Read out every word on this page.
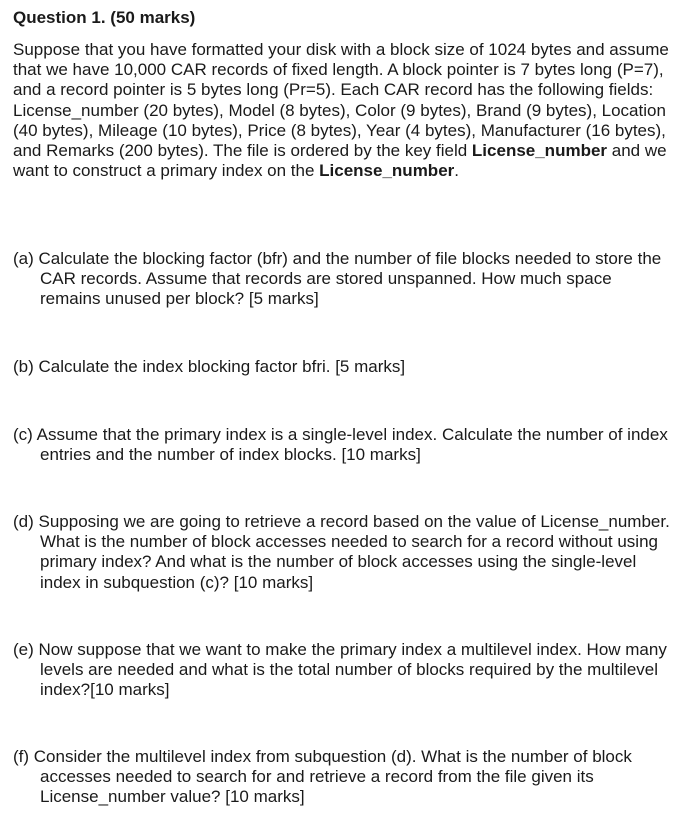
Question 1. (50 marks)

Suppose that you have formatted your disk with a block size of 1024 bytes and assume that we have 10,000 CAR records of fixed length. A block pointer is 7 bytes long (P=7), and a record pointer is 5 bytes long (Pr=5). Each CAR record has the following fields: License_number (20 bytes), Model (8 bytes), Color (9 bytes), Brand (9 bytes), Location (40 bytes), Mileage (10 bytes), Price (8 bytes), Year (4 bytes), Manufacturer (16 bytes), and Remarks (200 bytes). The file is ordered by the key field License_number and we want to construct a primary index on the License_number.

(a) Calculate the blocking factor (bfr) and the number of file blocks needed to store the CAR records. Assume that records are stored unspanned. How much space remains unused per block? [5 marks]
(b) Calculate the index blocking factor bfri. [5 marks]
(c) Assume that the primary index is a single-level index. Calculate the number of index entries and the number of index blocks. [10 marks]
(d) Supposing we are going to retrieve a record based on the value of License_number. What is the number of block accesses needed to search for a record without using primary index? And what is the number of block accesses using the single-level index in subquestion (c)? [10 marks]
(e) Now suppose that we want to make the primary index a multilevel index. How many levels are needed and what is the total number of blocks required by the multilevel index?[10 marks]
(f) Consider the multilevel index from subquestion (d). What is the number of block accesses needed to search for and retrieve a record from the file given its License_number value? [10 marks]
